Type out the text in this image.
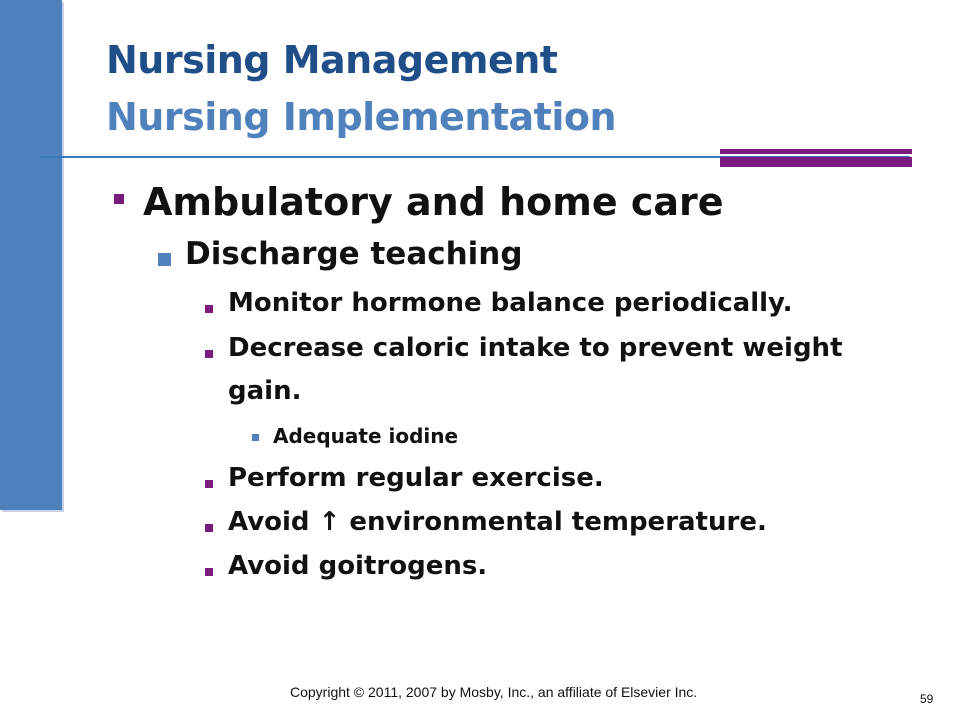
Nursing Management
Nursing Implementation
Ambulatory and home care
Discharge teaching
Monitor hormone balance periodically.
Decrease caloric intake to prevent weight
gain.
Adequate iodine
Perform regular exercise.
Avoid ↑ environmental temperature.
Avoid goitrogens.
Copyright © 2011, 2007 by Mosby, Inc., an affiliate of Elsevier Inc.	59
